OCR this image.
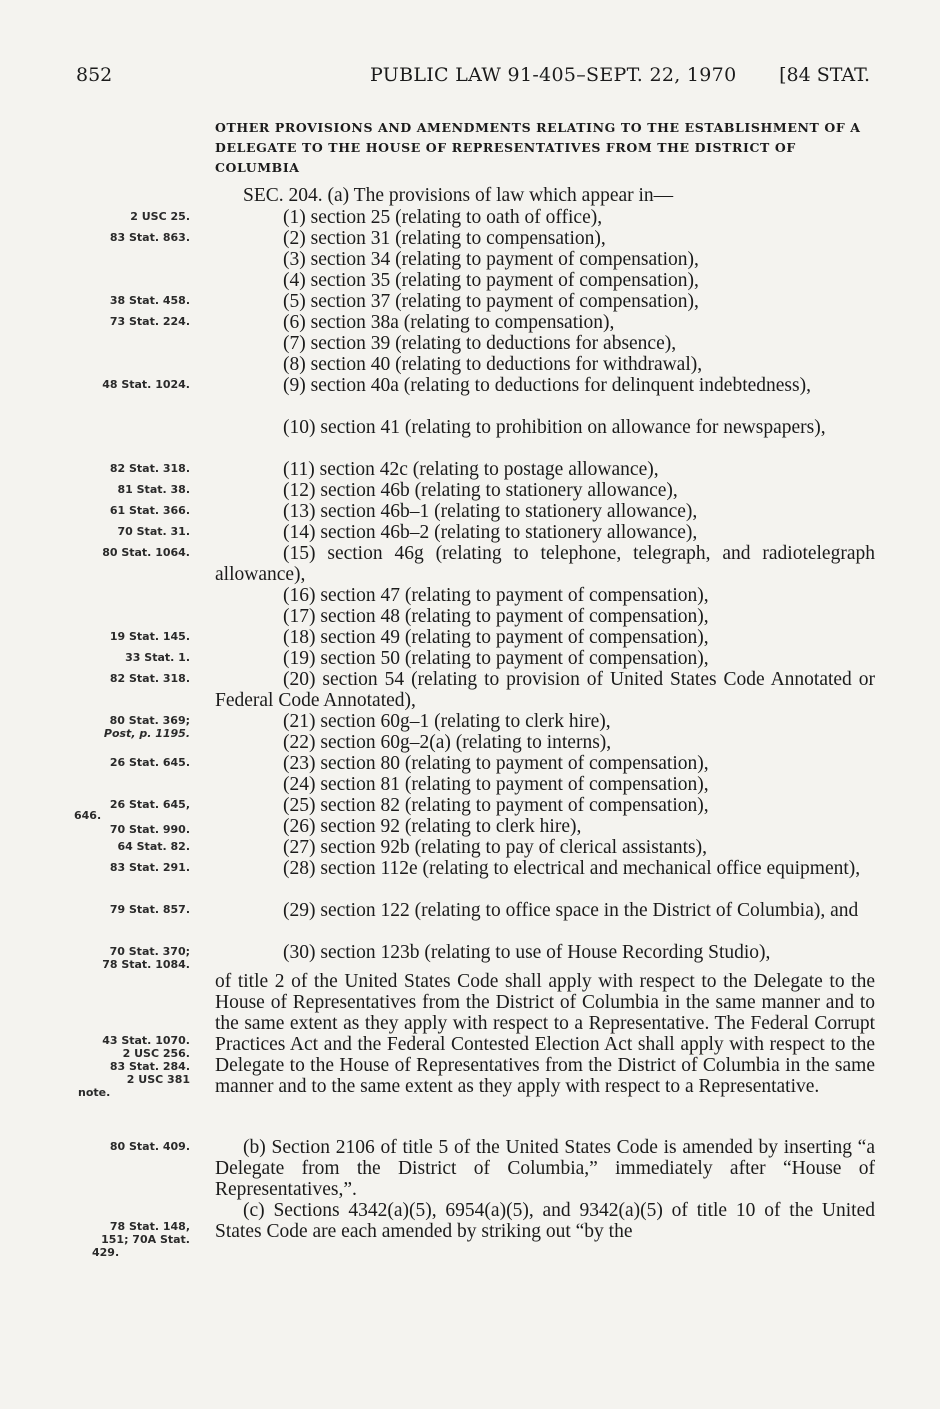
852	PUBLIC LAW 91-405–SEPT. 22, 1970 [84 STAT.
OTHER PROVISIONS AND AMENDMENTS RELATING TO THE ESTABLISHMENT OF A DELEGATE TO THE HOUSE OF REPRESENTATIVES FROM THE DISTRICT OF COLUMBIA
SEC. 204. (a) The provisions of law which appear in—
(1) section 25 (relating to oath of office),
(2) section 31 (relating to compensation),
(3) section 34 (relating to payment of compensation),
(4) section 35 (relating to payment of compensation),
(5) section 37 (relating to payment of compensation),
(6) section 38a (relating to compensation),
(7) section 39 (relating to deductions for absence),
(8) section 40 (relating to deductions for withdrawal),
(9) section 40a (relating to deductions for delinquent indebtedness),
(10) section 41 (relating to prohibition on allowance for newspapers),
(11) section 42c (relating to postage allowance),
(12) section 46b (relating to stationery allowance),
(13) section 46b–1 (relating to stationery allowance),
(14) section 46b–2 (relating to stationery allowance),
(15) section 46g (relating to telephone, telegraph, and radiotelegraph allowance),
(16) section 47 (relating to payment of compensation),
(17) section 48 (relating to payment of compensation),
(18) section 49 (relating to payment of compensation),
(19) section 50 (relating to payment of compensation),
(20) section 54 (relating to provision of United States Code Annotated or Federal Code Annotated),
(21) section 60g–1 (relating to clerk hire),
(22) section 60g–2(a) (relating to interns),
(23) section 80 (relating to payment of compensation),
(24) section 81 (relating to payment of compensation),
(25) section 82 (relating to payment of compensation),
(26) section 92 (relating to clerk hire),
(27) section 92b (relating to pay of clerical assistants),
(28) section 112e (relating to electrical and mechanical office equipment),
(29) section 122 (relating to office space in the District of Columbia), and
(30) section 123b (relating to use of House Recording Studio),
of title 2 of the United States Code shall apply with respect to the Delegate to the House of Representatives from the District of Columbia in the same manner and to the same extent as they apply with respect to a Representative. The Federal Corrupt Practices Act and the Federal Contested Election Act shall apply with respect to the Delegate to the House of Representatives from the District of Columbia in the same manner and to the same extent as they apply with respect to a Representative.
(b) Section 2106 of title 5 of the United States Code is amended by inserting “a Delegate from the District of Columbia,” immediately after “House of Representatives,”.
(c) Sections 4342(a)(5), 6954(a)(5), and 9342(a)(5) of title 10 of the United States Code are each amended by striking out “by the
2 USC 25.
83 Stat. 863.
38 Stat. 458.
73 Stat. 224.
48 Stat. 1024.
82 Stat. 318.
81 Stat. 38.
61 Stat. 366.
70 Stat. 31.
80 Stat. 1064.
19 Stat. 145.
33 Stat. 1.
82 Stat. 318.
80 Stat. 369;
Post, p. 1195.
26 Stat. 645.
26 Stat. 645,
646.
70 Stat. 990.
64 Stat. 82.
83 Stat. 291.
79 Stat. 857.
70 Stat. 370;
78 Stat. 1084.
43 Stat. 1070.
2 USC 256.
83 Stat. 284.
2 USC 381
note.
80 Stat. 409.
78 Stat. 148,
151; 70A Stat.
429.
